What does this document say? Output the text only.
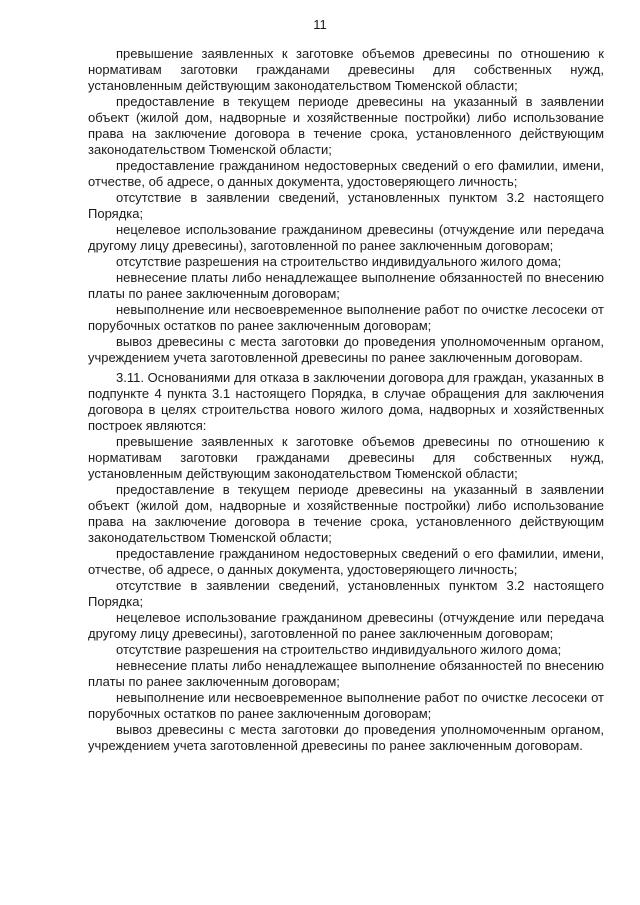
11

превышение заявленных к заготовке объемов древесины по отношению к нормативам заготовки гражданами древесины для собственных нужд, установленным действующим законодательством Тюменской области;

предоставление в текущем периоде древесины на указанный в заявлении объект (жилой дом, надворные и хозяйственные постройки) либо использование права на заключение договора в течение срока, установленного действующим законодательством Тюменской области;

предоставление гражданином недостоверных сведений о его фамилии, имени, отчестве, об адресе, о данных документа, удостоверяющего личность;

отсутствие в заявлении сведений, установленных пунктом 3.2 настоящего Порядка;

нецелевое использование гражданином древесины (отчуждение или передача другому лицу древесины), заготовленной по ранее заключенным договорам;

отсутствие разрешения на строительство индивидуального жилого дома;

невнесение платы либо ненадлежащее выполнение обязанностей по внесению платы по ранее заключенным договорам;

невыполнение или несвоевременное выполнение работ по очистке лесосеки от порубочных остатков по ранее заключенным договорам;

вывоз древесины с места заготовки до проведения уполномоченным органом, учреждением учета заготовленной древесины по ранее заключенным договорам.

3.11. Основаниями для отказа в заключении договора для граждан, указанных в подпункте 4 пункта 3.1 настоящего Порядка, в случае обращения для заключения договора в целях строительства нового жилого дома, надворных и хозяйственных построек являются:

превышение заявленных к заготовке объемов древесины по отношению к нормативам заготовки гражданами древесины для собственных нужд, установленным действующим законодательством Тюменской области;

предоставление в текущем периоде древесины на указанный в заявлении объект (жилой дом, надворные и хозяйственные постройки) либо использование права на заключение договора в течение срока, установленного действующим законодательством Тюменской области;

предоставление гражданином недостоверных сведений о его фамилии, имени, отчестве, об адресе, о данных документа, удостоверяющего личность;

отсутствие в заявлении сведений, установленных пунктом 3.2 настоящего Порядка;

нецелевое использование гражданином древесины (отчуждение или передача другому лицу древесины), заготовленной по ранее заключенным договорам;

отсутствие разрешения на строительство индивидуального жилого дома;

невнесение платы либо ненадлежащее выполнение обязанностей по внесению платы по ранее заключенным договорам;

невыполнение или несвоевременное выполнение работ по очистке лесосеки от порубочных остатков по ранее заключенным договорам;

вывоз древесины с места заготовки до проведения уполномоченным органом, учреждением учета заготовленной древесины по ранее заключенным договорам.
